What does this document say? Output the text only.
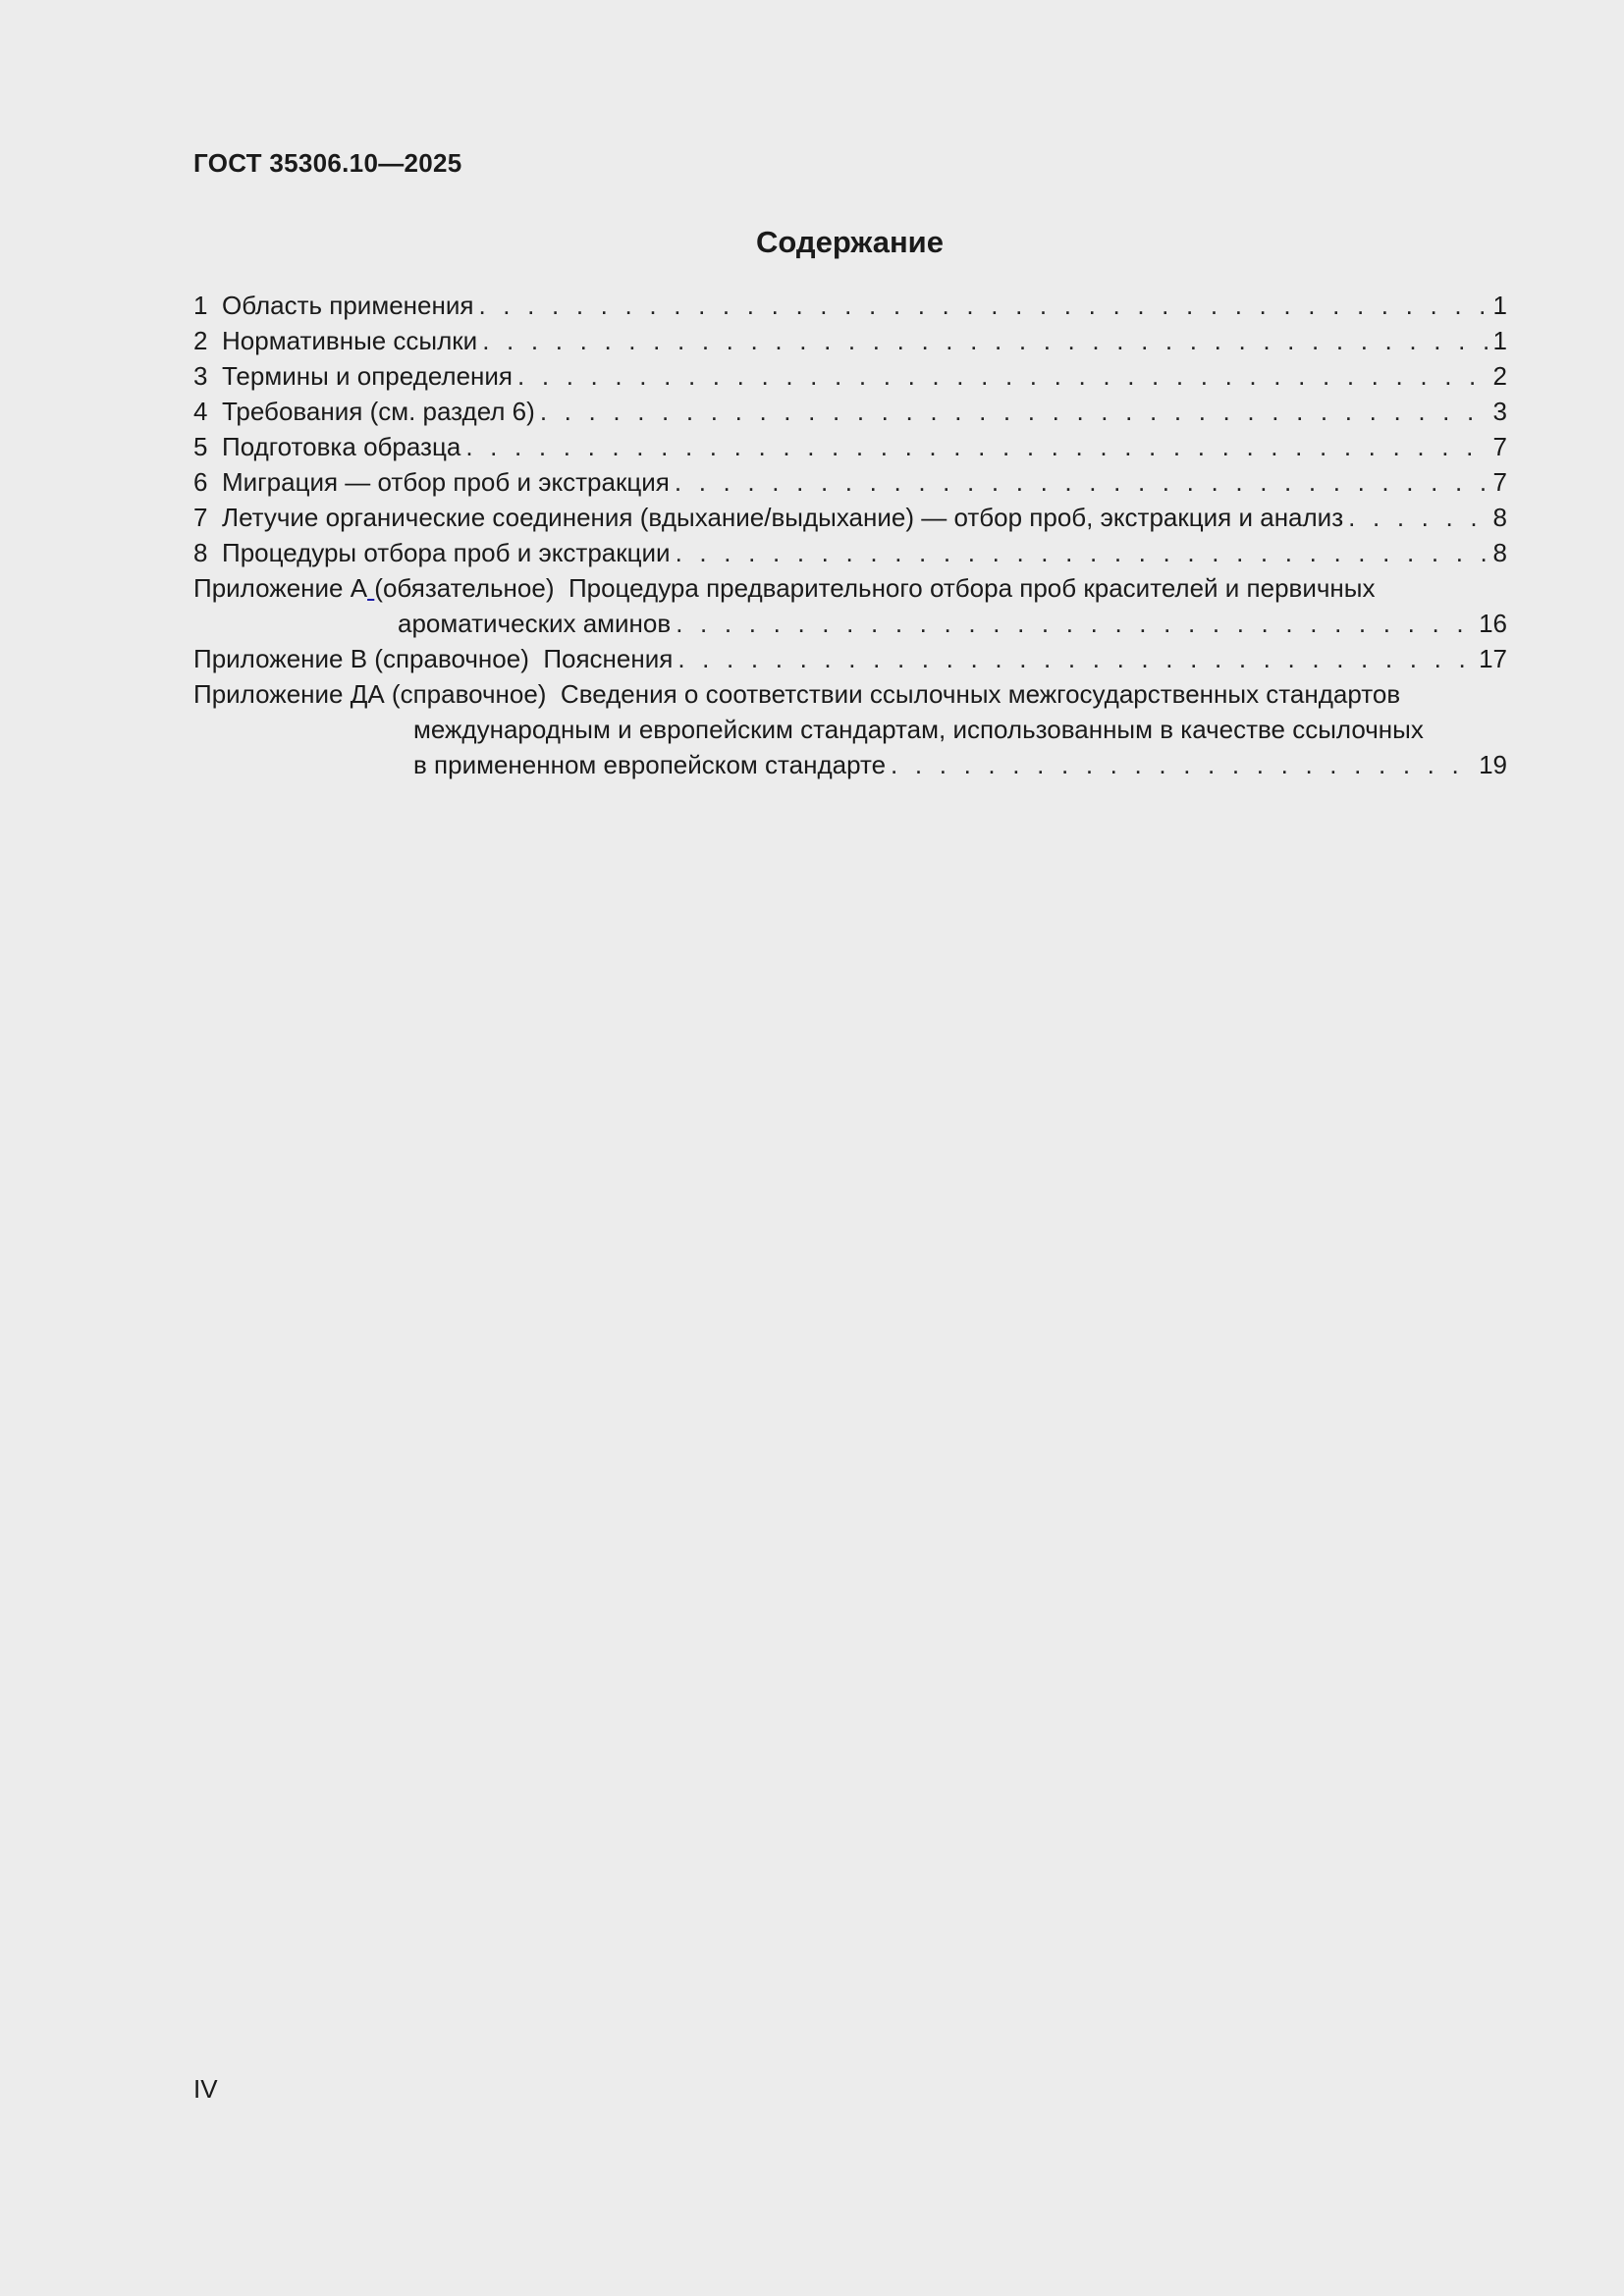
ГОСТ 35306.10—2025
Содержание
1 Область применения . . .	1
2 Нормативные ссылки . . .	1
3 Термины и определения . . .	2
4 Требования (см. раздел 6) . . .	3
5 Подготовка образца . . .	7
6 Миграция — отбор проб и экстракция . . .	7
7 Летучие органические соединения (вдыхание/выдыхание) — отбор проб, экстракция и анализ . . .	8
8 Процедуры отбора проб и экстракции . . .	8
Приложение А
(обязательное)
Процедура предварительного отбора проб красителей и первичных
ароматических аминов . . .	16
Приложение В
(справочное)
Пояснения . . .	17
Приложение ДА
(справочное)
Сведения о соответствии ссылочных межгосударственных стандартов
международным и европейским стандартам, использованным в качестве ссылочных
в примененном европейском стандарте . . .	19
IV
